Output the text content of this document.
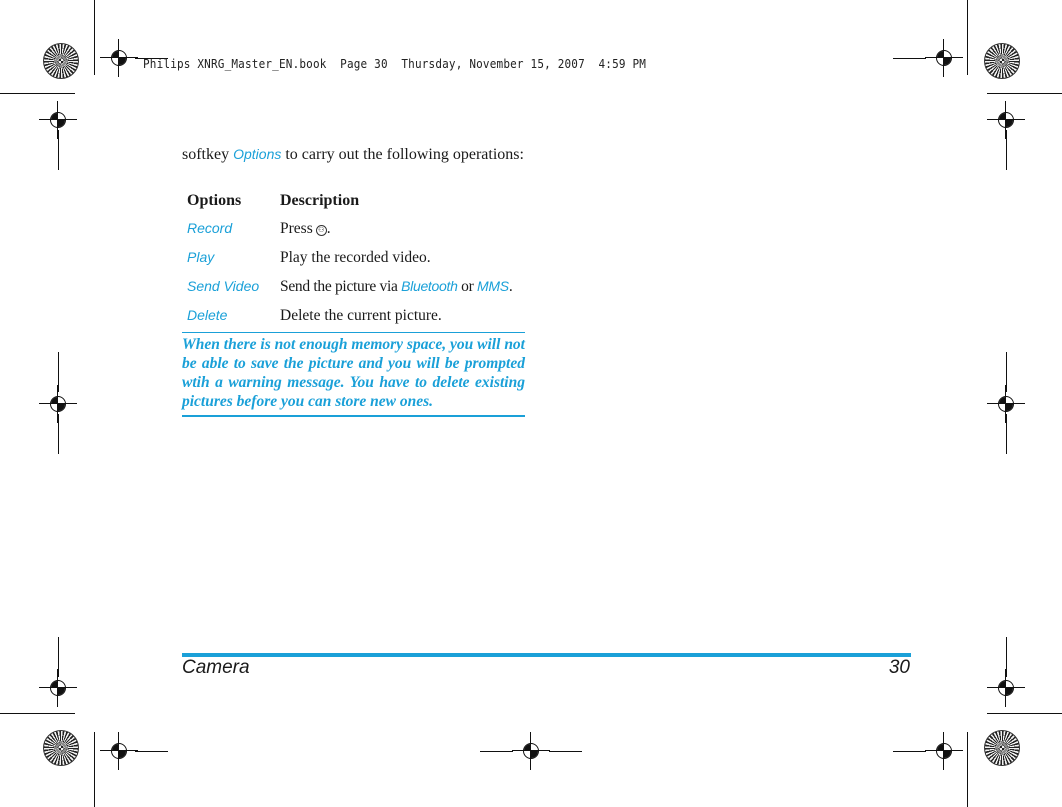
Philips XNRG_Master_EN.book  Page 30  Thursday, November 15, 2007  4:59 PM
softkey Options to carry out the following operations:
Options	Description
Record	Press ⚇ .
Play	Play the recorded video.
Send Video	Send the picture via Bluetooth or MMS.
Delete	Delete the current picture.
When there is not enough memory space, you will not be able to save the picture and you will be prompted wtih a warning message. You have to delete existing pictures before you can store new ones.
Camera	30
